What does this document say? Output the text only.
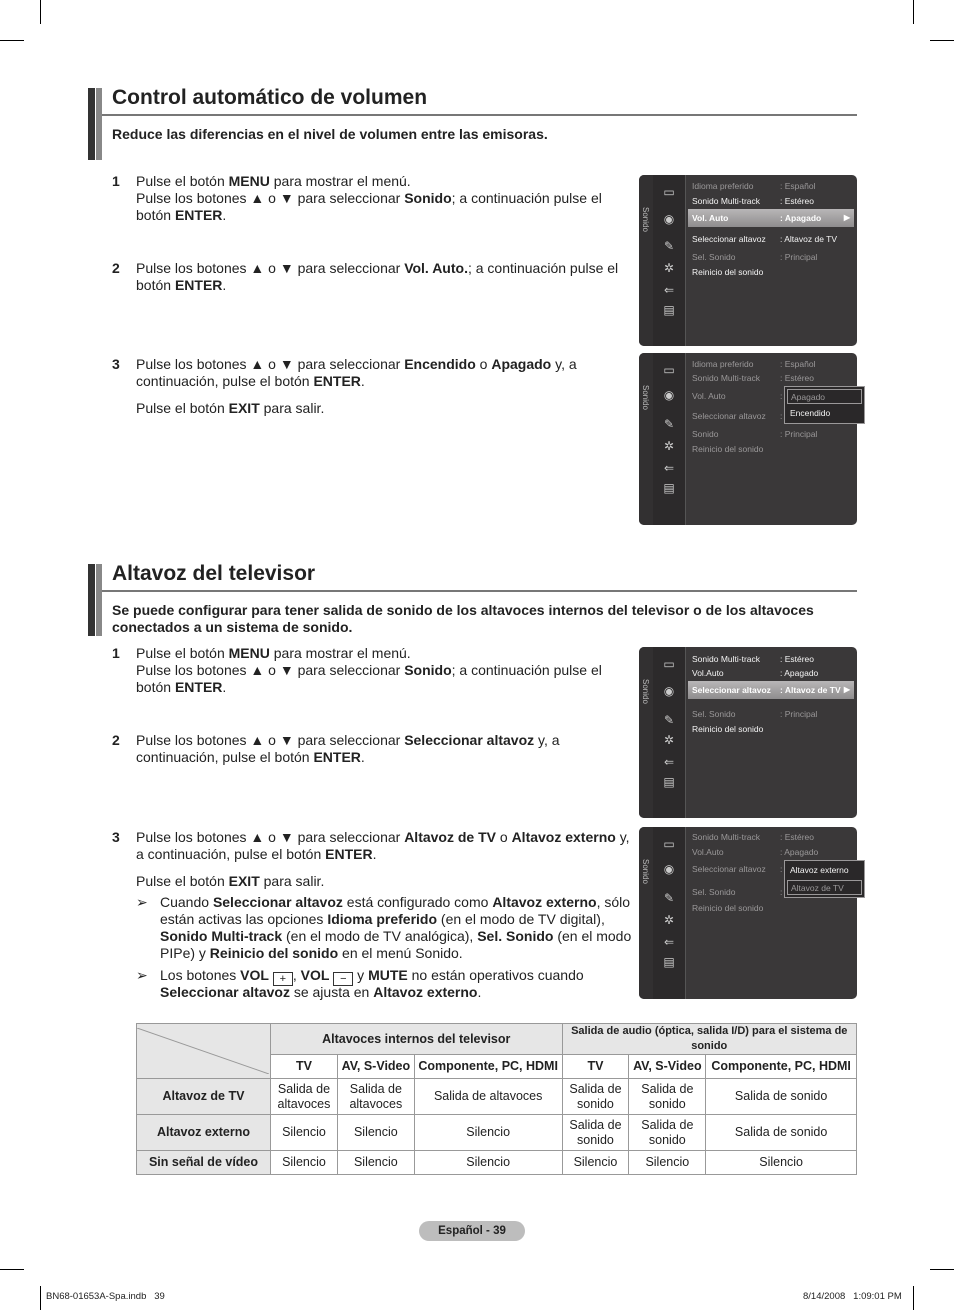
Control automático de volumen
Reduce las diferencias en el nivel de volumen entre las emisoras.
1 Pulse el botón MENU para mostrar el menú.
Pulse los botones ▲ o ▼ para seleccionar Sonido; a continuación pulse el
botón ENTER.
2 Pulse los botones ▲ o ▼ para seleccionar Vol. Auto.; a continuación pulse el
botón ENTER.
3 Pulse los botones ▲ o ▼ para seleccionar Encendido o Apagado y, a
continuación, pulse el botón ENTER.
Pulse el botón EXIT para salir.
Sonido
▭
◉
✎
✲
⇐
▤
Idioma preferido	: Español
Sonido Multi-track : Estéreo
Vol. Auto	: Apagado	▶
Seleccionar altavoz : Altavoz de TV
Sel. Sonido	: Principal
Reinicio del sonido
Sonido
▭
◉
✎
✲
⇐
▤
Idioma preferido	: Español
Sonido Multi-track : Estéreo
Vol. Auto	:
Seleccionar altavoz :
Sonido	: Principal
Reinicio del sonido
Apagado
Encendido
Altavoz del televisor
Se puede configurar para tener salida de sonido de los altavoces internos del televisor o de los altavoces
conectados a un sistema de sonido.
1 Pulse el botón MENU para mostrar el menú.
Pulse los botones ▲ o ▼ para seleccionar Sonido; a continuación pulse el
botón ENTER.
2 Pulse los botones ▲ o ▼ para seleccionar Seleccionar altavoz y, a
continuación, pulse el botón ENTER.
3 Pulse los botones ▲ o ▼ para seleccionar Altavoz de TV o Altavoz externo y,
a continuación, pulse el botón ENTER.
Pulse el botón EXIT para salir.
➢ Cuando Seleccionar altavoz está configurado como Altavoz externo, sólo
están activas las opciones Idioma preferido (en el modo de TV digital),
Sonido Multi-track (en el modo de TV analógica), Sel. Sonido (en el modo
PIPe) y Reinicio del sonido en el menú Sonido.
➢ Los botones VOL + , VOL − y MUTE no están operativos cuando
Seleccionar altavoz se ajusta en Altavoz externo.
Sonido
▭
◉
✎
✲
⇐
▤
Sonido Multi-track : Estéreo
Vol.Auto	: Apagado
Seleccionar altavoz : Altavoz de TV ▶
Sel. Sonido	: Principal
Reinicio del sonido
Sonido
▭
◉
✎
✲
⇐
▤
Sonido Multi-track : Estéreo
Vol.Auto	: Apagado
Seleccionar altavoz :
Sel. Sonido	:
Reinicio del sonido
Altavoz externo
Altavoz de TV
	Altavoces internos del televisor			Salida de audio (óptica, salida I/D) para el sistema de sonido		
	TV	AV, S-Video	Componente, PC, HDMI	TV	AV, S-Video	Componente, PC, HDMI
Altavoz de TV	Salida de altavoces	Salida de altavoces	Salida de altavoces	Salida de sonido	Salida de sonido	Salida de sonido
Altavoz externo	Silencio	Silencio	Silencio	Salida de sonido	Salida de sonido	Salida de sonido
Sin señal de vídeo	Silencio	Silencio	Silencio	Silencio	Silencio	Silencio
Español - 39
BN68-01653A-Spa.indb   39	8/14/2008   1:09:01 PM
